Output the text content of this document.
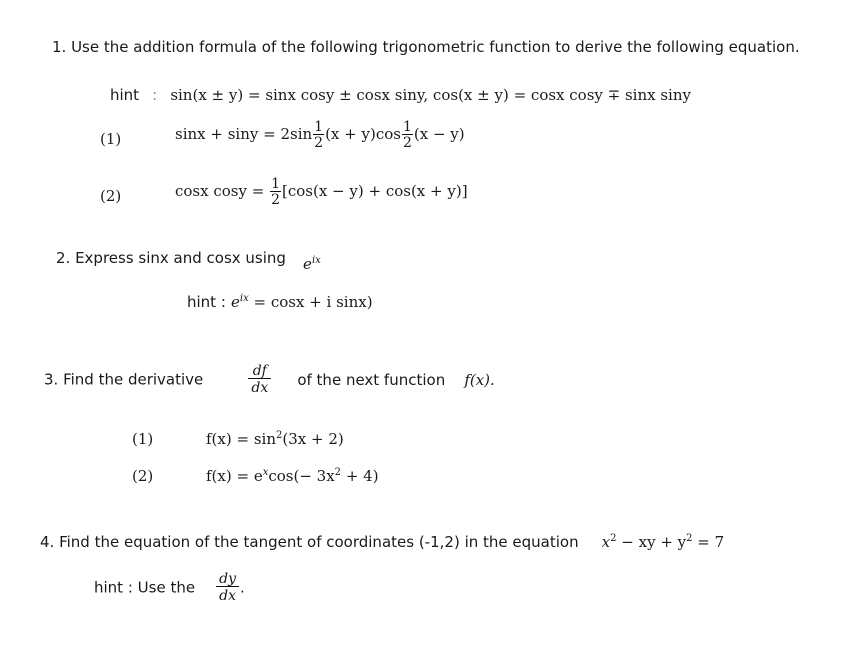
1. Use the addition formula of the following trigonometric function to derive the following equation.
hint : sin(x ± y) = sinx cosy ± cosx siny, cos(x ± y) = cosx cosy ∓ sinx siny
(1)	$\sin x + \sin y = 2\sin \frac{1}{2} (x + y)\cos \frac{1}{2} (x - y)$
(2)	cosx $\cos y = \frac{1}{2} [\cos(x - y) + \cos(x + y)]$
2. Express sinx and cosx using $e^{ix}$
hint : $e^{ix} = \cos x + i$ sinx)
3. Find the derivative	$\frac{df}{dx}$ of the next function f(x).
(1)	$f(x) = \sin^2(3x + 2)$
(2)	$f(x) = e^x\cos(- 3x^2 + 4)$
4. Find the equation of the tangent of coordinates (-1,2) in the equation $x^2$ − xy + $y^2 = 7$
hint : Use the $\frac{dy}{dx}$ .
